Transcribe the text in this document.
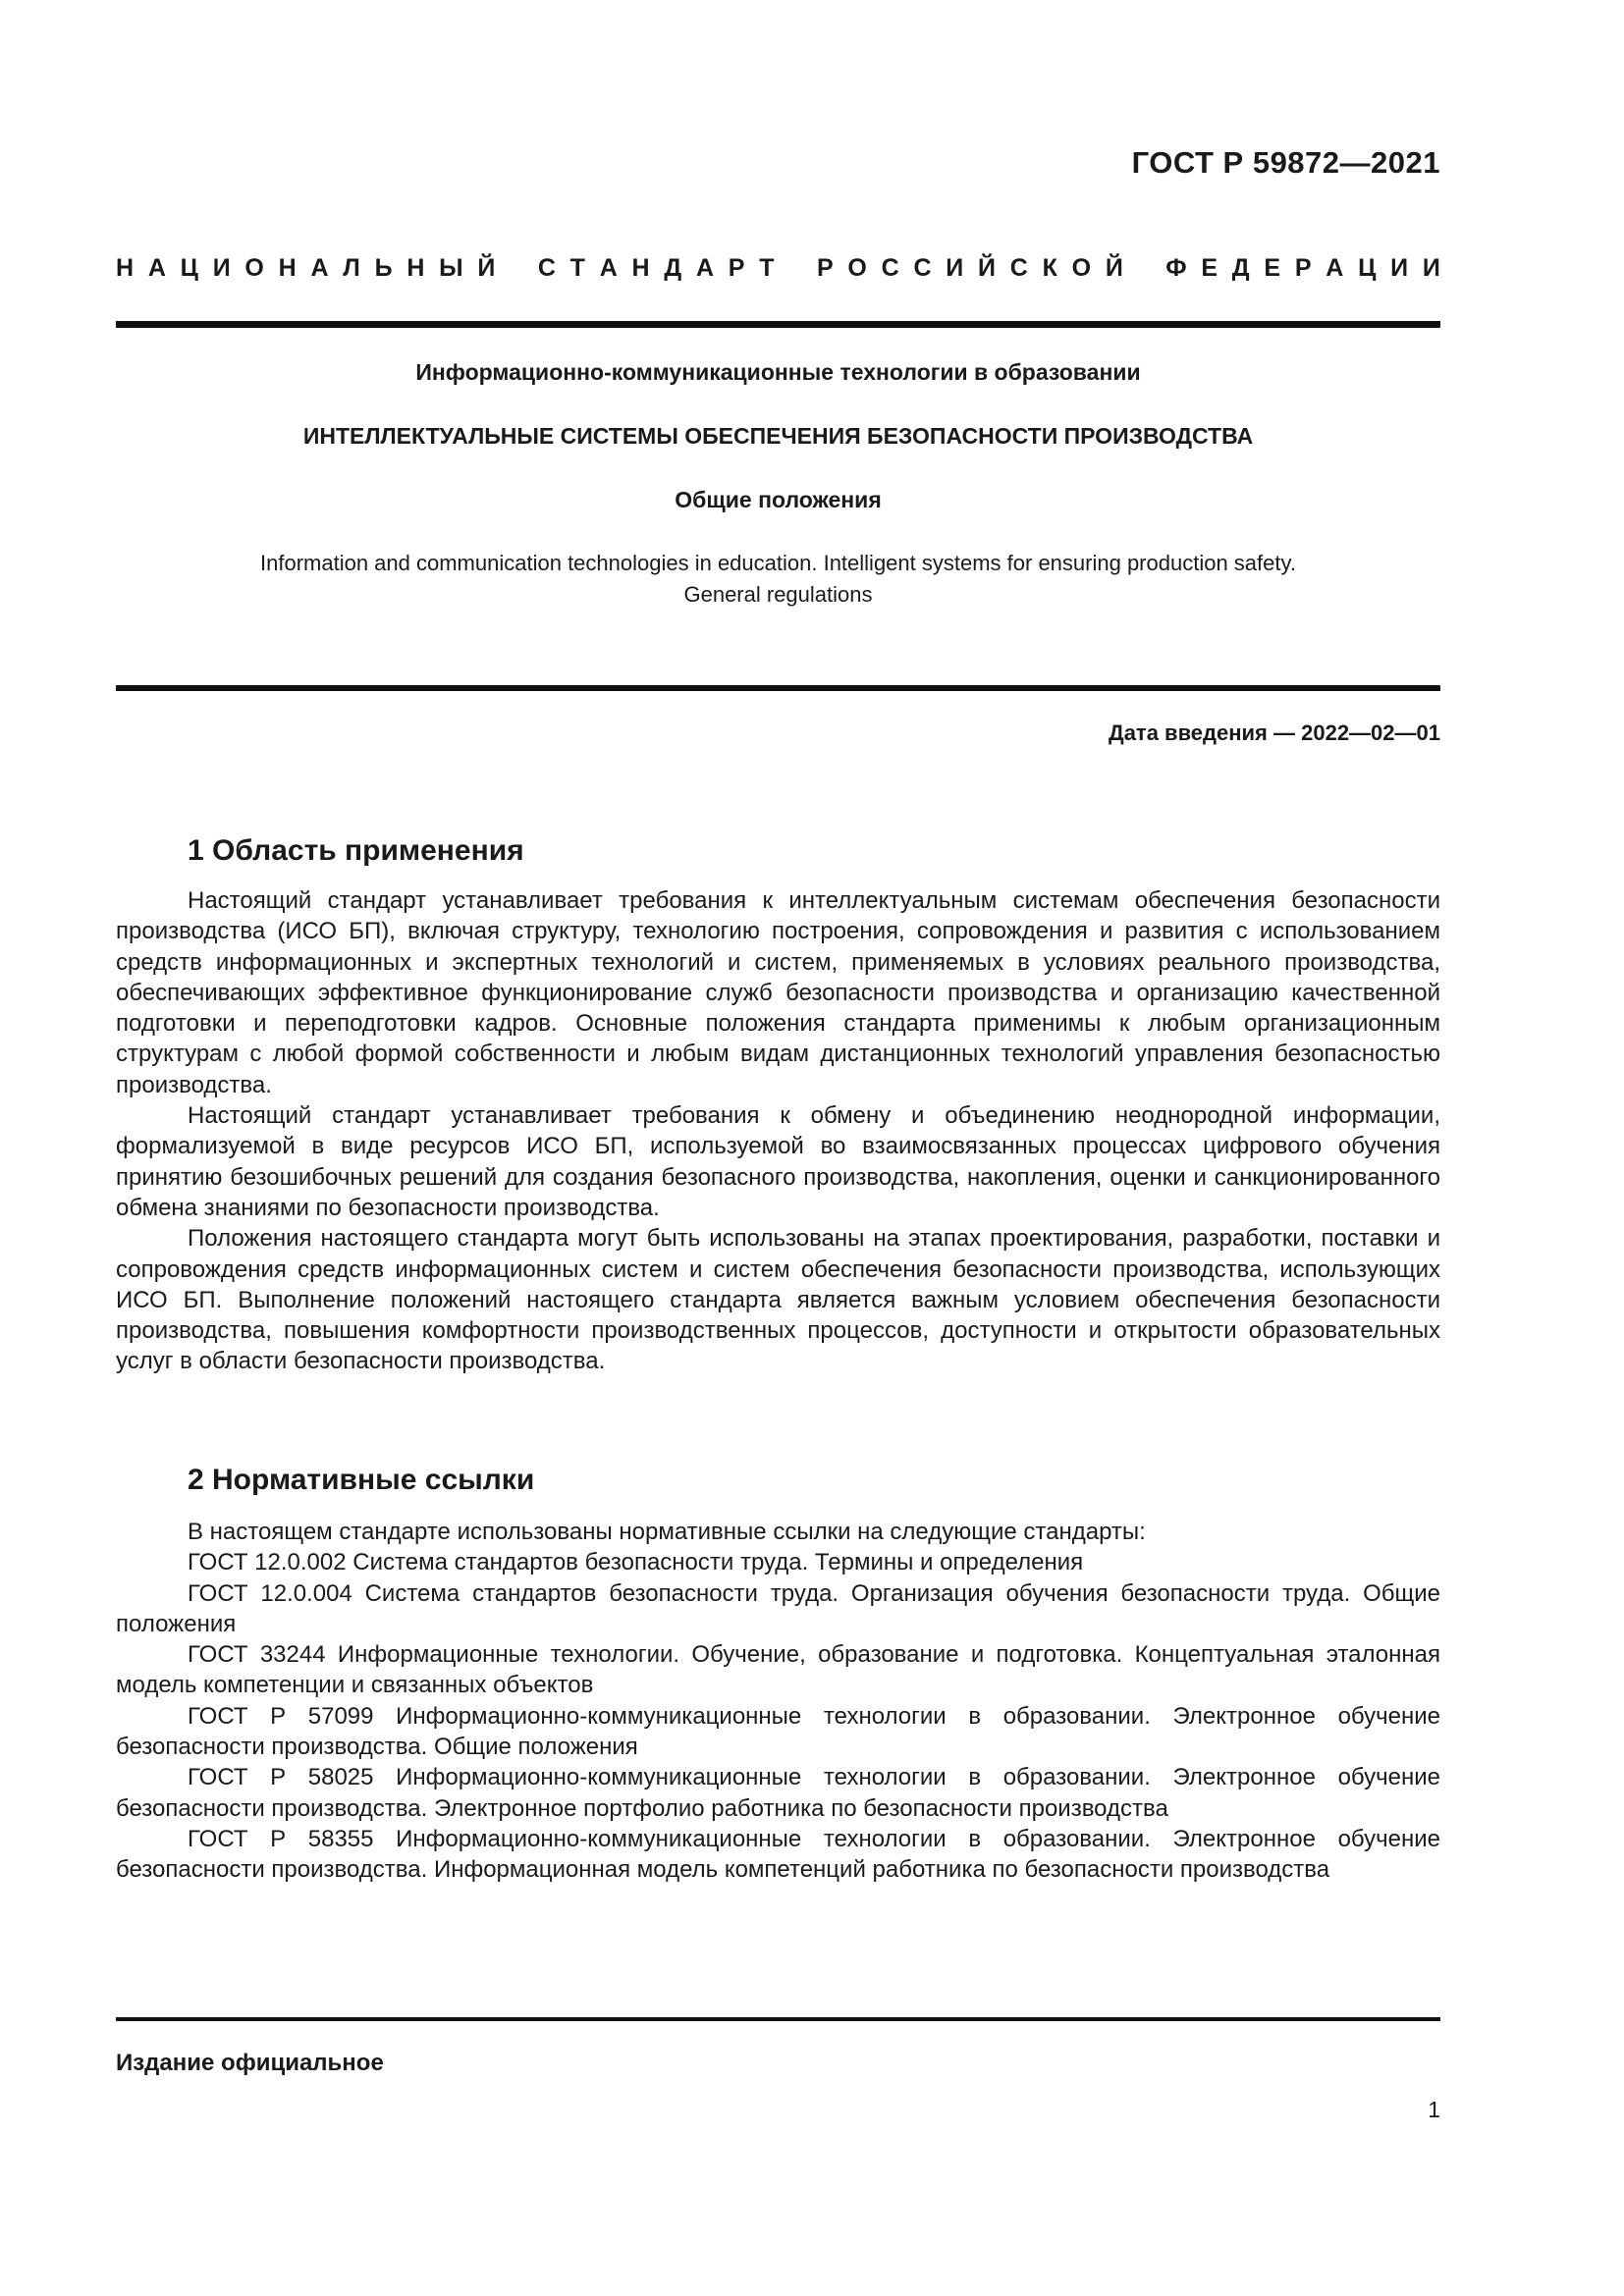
ГОСТ Р 59872—2021
Н А Ц И О Н А Л Ь Н Ы Й
С Т А Н Д А Р Т
Р О С С И Й С К О Й
Ф Е Д Е Р А Ц И И
Информационно-коммуникационные технологии в образовании
ИНТЕЛЛЕКТУАЛЬНЫЕ СИСТЕМЫ ОБЕСПЕЧЕНИЯ БЕЗОПАСНОСТИ ПРОИЗВОДСТВА
Общие положения
Information and communication technologies in education. Intelligent systems for ensuring production safety.
General regulations
Дата введения — 2022—02—01
1 Область применения

Настоящий стандарт устанавливает требования к интеллектуальным системам обеспечения безопасности производства (ИСО БП), включая структуру, технологию построения, сопровождения и развития с использованием средств информационных и экспертных технологий и систем, применяемых в условиях реального производства, обеспечивающих эффективное функционирование служб безопасности производства и организацию качественной подготовки и переподготовки кадров. Основные положения стандарта применимы к любым организационным структурам с любой формой собственности и любым видам дистанционных технологий управления безопасностью производства.

Настоящий стандарт устанавливает требования к обмену и объединению неоднородной информации, формализуемой в виде ресурсов ИСО БП, используемой во взаимосвязанных процессах цифрового обучения принятию безошибочных решений для создания безопасного производства, накопления, оценки и санкционированного обмена знаниями по безопасности производства.

Положения настоящего стандарта могут быть использованы на этапах проектирования, разработки, поставки и сопровождения средств информационных систем и систем обеспечения безопасности производства, использующих ИСО БП. Выполнение положений настоящего стандарта является важным условием обеспечения безопасности производства, повышения комфортности производственных процессов, доступности и открытости образовательных услуг в области безопасности производства.

2 Нормативные ссылки

В настоящем стандарте использованы нормативные ссылки на следующие стандарты:

ГОСТ 12.0.002 Система стандартов безопасности труда. Термины и определения

ГОСТ 12.0.004 Система стандартов безопасности труда. Организация обучения безопасности труда. Общие положения

ГОСТ 33244 Информационные технологии. Обучение, образование и подготовка. Концептуальная эталонная модель компетенции и связанных объектов

ГОСТ Р 57099 Информационно-коммуникационные технологии в образовании. Электронное обучение безопасности производства. Общие положения

ГОСТ Р 58025 Информационно-коммуникационные технологии в образовании. Электронное обучение безопасности производства. Электронное портфолио работника по безопасности производства

ГОСТ Р 58355 Информационно-коммуникационные технологии в образовании. Электронное обучение безопасности производства. Информационная модель компетенций работника по безопасности производства

Издание официальное
1
